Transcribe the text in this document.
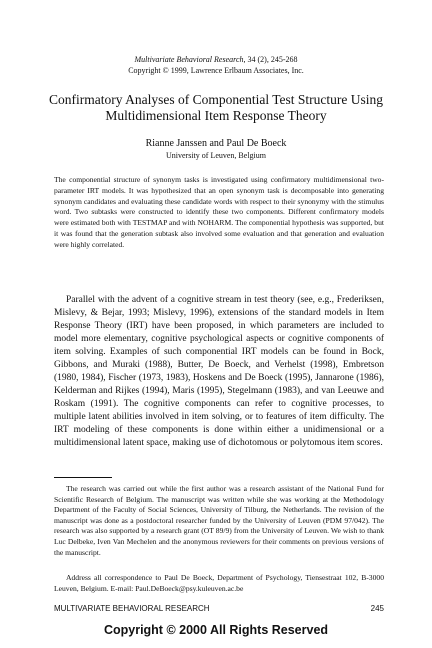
Multivariate Behavioral Research, 34 (2), 245-268
Copyright © 1999, Lawrence Erlbaum Associates, Inc.
Confirmatory Analyses of Componential Test Structure Using Multidimensional Item Response Theory
Rianne Janssen and Paul De Boeck
University of Leuven, Belgium

The componential structure of synonym tasks is investigated using confirmatory multidimensional two-parameter IRT models. It was hypothesized that an open synonym task is decomposable into generating synonym candidates and evaluating these candidate words with respect to their synonymy with the stimulus word. Two subtasks were constructed to identify these two components. Different confirmatory models were estimated both with TESTMAP and with NOHARM. The componential hypothesis was supported, but it was found that the generation subtask also involved some evaluation and that generation and evaluation were highly correlated.

Parallel with the advent of a cognitive stream in test theory (see, e.g., Frederiksen, Mislevy, & Bejar, 1993; Mislevy, 1996), extensions of the standard models in Item Response Theory (IRT) have been proposed, in which parameters are included to model more elementary, cognitive psychological aspects or cognitive components of item solving. Examples of such componential IRT models can be found in Bock, Gibbons, and Muraki (1988), Butter, De Boeck, and Verhelst (1998), Embretson (1980, 1984), Fischer (1973, 1983), Hoskens and De Boeck (1995), Jannarone (1986), Kelderman and Rijkes (1994), Maris (1995), Stegelmann (1983), and van Leeuwe and Roskam (1991). The cognitive components can refer to cognitive processes, to multiple latent abilities involved in item solving, or to features of item difficulty. The IRT modeling of these components is done within either a unidimensional or a multidimensional latent space, making use of dichotomous or polytomous item scores.

The research was carried out while the first author was a research assistant of the National Fund for Scientific Research of Belgium. The manuscript was written while she was working at the Methodology Department of the Faculty of Social Sciences, University of Tilburg, the Netherlands. The revision of the manuscript was done as a postdoctoral researcher funded by the University of Leuven (PDM 97/042). The research was also supported by a research grant (OT 89/9) from the University of Leuven. We wish to thank Luc Delbeke, Iven Van Mechelen and the anonymous reviewers for their comments on previous versions of the manuscript.

Address all correspondence to Paul De Boeck, Department of Psychology, Tiensestraat 102, B-3000 Leuven, Belgium. E-mail: Paul.DeBoeck@psy.kuleuven.ac.be

MULTIVARIATE BEHAVIORAL RESEARCH	245
Copyright © 2000 All Rights Reserved
